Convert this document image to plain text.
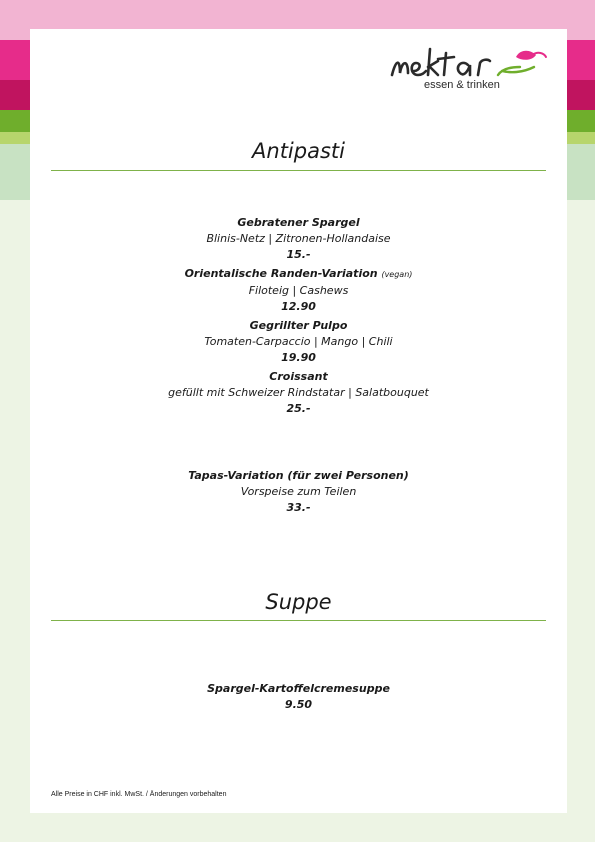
essen & trinken
Antipasti
Gebratener Spargel
Blinis-Netz | Zitronen-Hollandaise
15.-
Orientalische Randen-Variation (vegan)
Filoteig | Cashews
12.90
Gegrillter Pulpo
Tomaten-Carpaccio | Mango | Chili
19.90
Croissant
gefüllt mit Schweizer Rindstatar | Salatbouquet
25.-
Tapas-Variation (für zwei Personen)
Vorspeise zum Teilen
33.-
Suppe
Spargel-Kartoffelcremesuppe
9.50
Alle Preise in CHF inkl. MwSt. / Änderungen vorbehalten
